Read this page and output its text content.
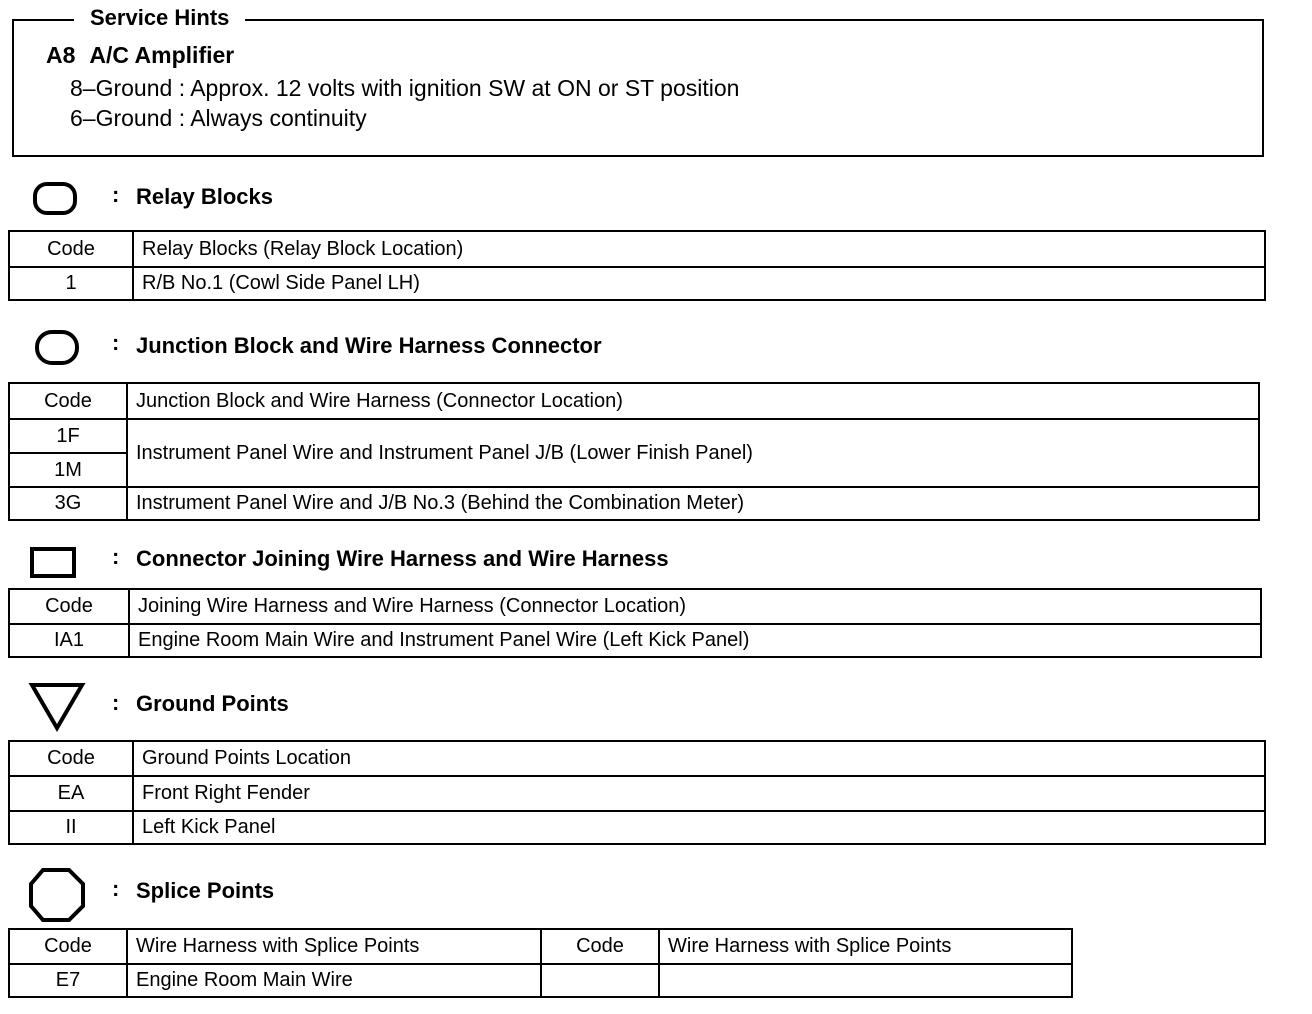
Service Hints
A8 A/C Amplifier
8–Ground : Approx. 12 volts with ignition SW at ON or ST position
6–Ground : Always continuity
: Relay Blocks
Code	Relay Blocks (Relay Block Location)
1	R/B No.1 (Cowl Side Panel LH)
: Junction Block and Wire Harness Connector
Code	Junction Block and Wire Harness (Connector Location)
1F	Instrument Panel Wire and Instrument Panel J/B (Lower Finish Panel)
1M	
3G	Instrument Panel Wire and J/B No.3 (Behind the Combination Meter)
: Connector Joining Wire Harness and Wire Harness
Code	Joining Wire Harness and Wire Harness (Connector Location)
IA1	Engine Room Main Wire and Instrument Panel Wire (Left Kick Panel)
: Ground Points
Code	Ground Points Location
EA	Front Right Fender
II	Left Kick Panel
: Splice Points
Code	Wire Harness with Splice Points	Code	Wire Harness with Splice Points
E7	Engine Room Main Wire		
